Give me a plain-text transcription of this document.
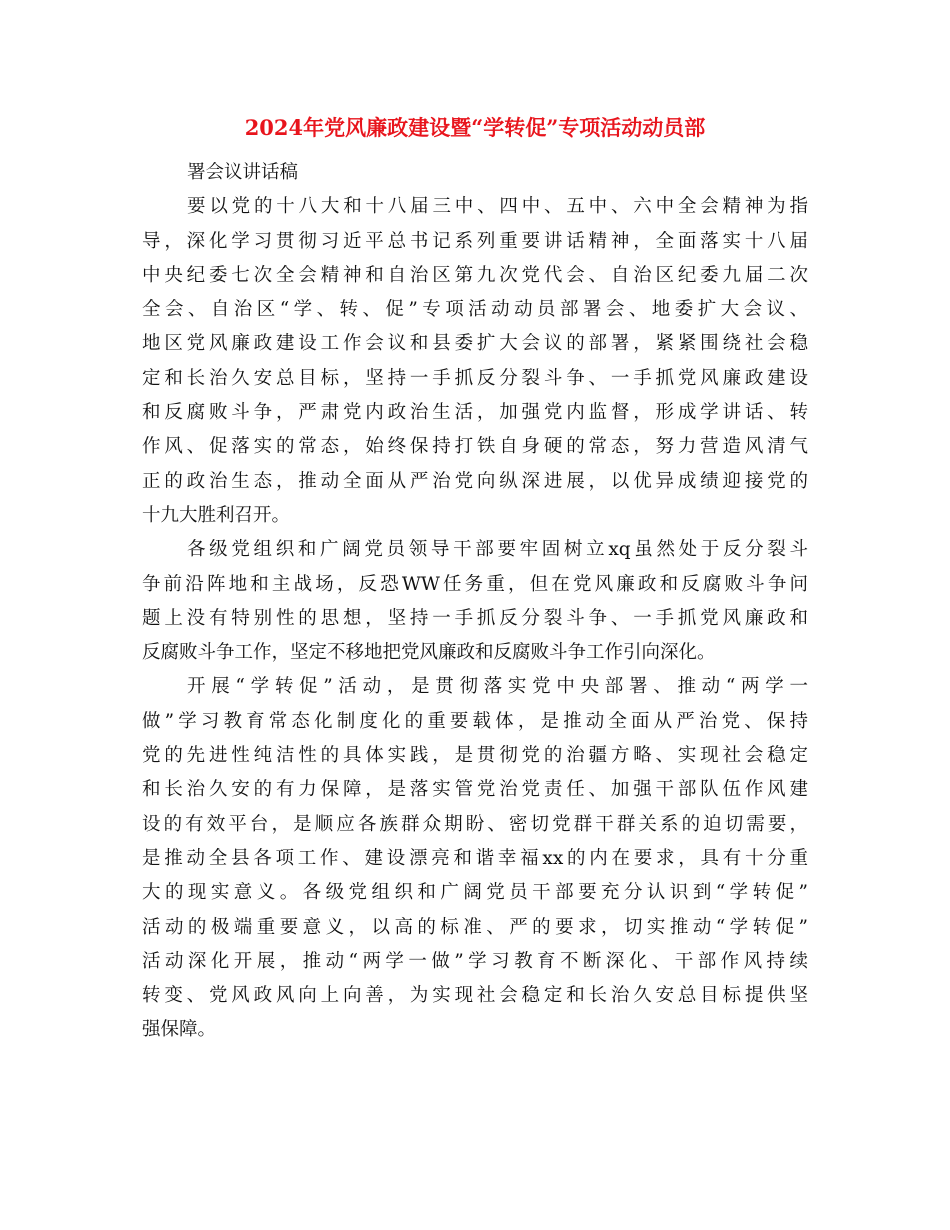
2024年党风廉政建设暨“学转促”专项活动动员部
署会议讲话稿
要以党的十八大和十八届三中、四中、五中、六中全会精神为指
导，深化学习贯彻习近平总书记系列重要讲话精神，全面落实十八届
中央纪委七次全会精神和自治区第九次党代会、自治区纪委九届二次
全会、自治区“学、转、促”专项活动动员部署会、地委扩大会议、
地区党风廉政建设工作会议和县委扩大会议的部署，紧紧围绕社会稳
定和长治久安总目标，坚持一手抓反分裂斗争、一手抓党风廉政建设
和反腐败斗争，严肃党内政治生活，加强党内监督，形成学讲话、转
作风、促落实的常态，始终保持打铁自身硬的常态，努力营造风清气
正的政治生态，推动全面从严治党向纵深进展，以优异成绩迎接党的
十九大胜利召开。
各级党组织和广阔党员领导干部要牢固树立xq虽然处于反分裂斗
争前沿阵地和主战场，反恐WW任务重，但在党风廉政和反腐败斗争问
题上没有特别性的思想，坚持一手抓反分裂斗争、一手抓党风廉政和
反腐败斗争工作，坚定不移地把党风廉政和反腐败斗争工作引向深化。
开展“学转促”活动，是贯彻落实党中央部署、推动“两学一
做”学习教育常态化制度化的重要载体，是推动全面从严治党、保持
党的先进性纯洁性的具体实践，是贯彻党的治疆方略、实现社会稳定
和长治久安的有力保障，是落实管党治党责任、加强干部队伍作风建
设的有效平台，是顺应各族群众期盼、密切党群干群关系的迫切需要，
是推动全县各项工作、建设漂亮和谐幸福xx的内在要求，具有十分重
大的现实意义。各级党组织和广阔党员干部要充分认识到“学转促”
活动的极端重要意义，以高的标准、严的要求，切实推动“学转促”
活动深化开展，推动“两学一做”学习教育不断深化、干部作风持续
转变、党风政风向上向善，为实现社会稳定和长治久安总目标提供坚
强保障。
